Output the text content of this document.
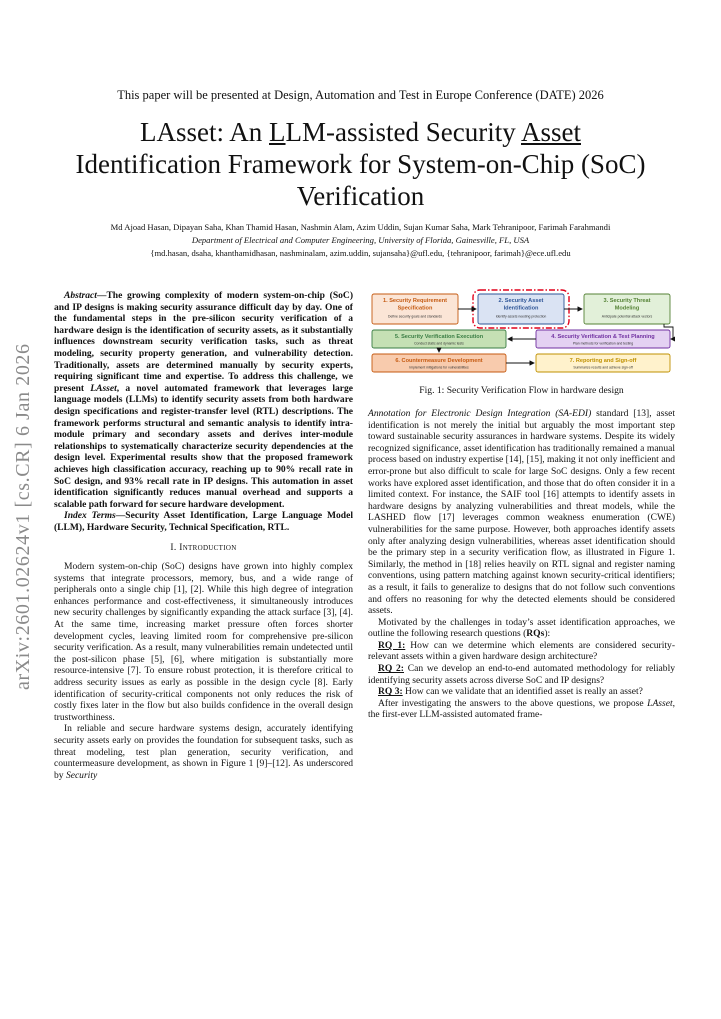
This paper will be presented at Design, Automation and Test in Europe Conference (DATE) 2026
LAsset: An LLM-assisted Security Asset
Identification Framework for System-on-Chip (SoC)
Verification
Md Ajoad Hasan, Dipayan Saha, Khan Thamid Hasan, Nashmin Alam, Azim Uddin, Sujan Kumar Saha, Mark Tehranipoor, Farimah Farahmandi
Department of Electrical and Computer Engineering, University of Florida, Gainesville, FL, USA
{md.hasan, dsaha, khanthamidhasan, nashminalam, azim.uddin, sujansaha}@ufl.edu, {tehranipoor, farimah}@ece.ufl.edu
arXiv:2601.02624v1 [cs.CR] 6 Jan 2026

Abstract—The growing complexity of modern system-on-chip (SoC) and IP designs is making security assurance difficult day by day. One of the fundamental steps in the pre-silicon security verification of a hardware design is the identification of security assets, as it substantially influences downstream security verification tasks, such as threat modeling, security property generation, and vulnerability detection. Traditionally, assets are determined manually by security experts, requiring significant time and expertise. To address this challenge, we present LAsset, a novel automated framework that leverages large language models (LLMs) to identify security assets from both hardware design specifications and register-transfer level (RTL) descriptions. The framework performs structural and semantic analysis to identify intra-module primary and secondary assets and derives inter-module relationships to systematically characterize security dependencies at the design level. Experimental results show that the proposed framework achieves high classification accuracy, reaching up to 90% recall rate in SoC design, and 93% recall rate in IP designs. This automation in asset identification significantly reduces manual overhead and supports a scalable path forward for secure hardware development.

Index Terms—Security Asset Identification, Large Language Model (LLM), Hardware Security, Technical Specification, RTL.

I. Introduction

Modern system-on-chip (SoC) designs have grown into highly complex systems that integrate processors, memory, bus, and a wide range of peripherals onto a single chip [1], [2]. While this high degree of integration enhances performance and cost-effectiveness, it simultaneously introduces new security challenges by significantly expanding the attack surface [3], [4]. At the same time, increasing market pressure often forces shorter development cycles, leaving limited room for comprehensive pre-silicon security verification. As a result, many vulnerabilities remain undetected until the post-silicon phase [5], [6], where mitigation is substantially more resource-intensive [7]. To ensure robust protection, it is therefore critical to address security issues as early as possible in the design cycle [8]. Early identification of security-critical components not only reduces the risk of costly fixes later in the flow but also builds confidence in the overall design trustworthiness.

In reliable and secure hardware systems design, accurately identifying security assets early on provides the foundation for subsequent tasks, such as threat modeling, test plan generation, security verification, and countermeasure development, as shown in Figure 1 [9]–[12]. As underscored by Security

1. Security Requirement
Specification
Define security goals and standards
2. Security Asset
Identification
Identify assets needing protection
3. Security Threat
Modeling
Anticipate potential attack vectors
5. Security Verification Execution
Conduct static and dynamic tests
4. Security Verification & Test Planning
Plan methods for verification and testing
6. Countermeasure Development
Implement mitigations for vulnerabilities
7. Reporting and Sign-off
Summarize results and achieve sign-off
Fig. 1: Security Verification Flow in hardware design

Annotation for Electronic Design Integration (SA-EDI) standard [13], asset identification is not merely the initial but arguably the most important step toward sustainable security assurances in hardware systems. Despite its widely recognized significance, asset identification has traditionally remained a manual process based on industry expertise [14], [15], making it not only inefficient and error-prone but also difficult to scale for large SoC designs. Only a few recent works have explored asset identification, and those that do often consider it in a limited context. For instance, the SAIF tool [16] attempts to identify assets in hardware designs by analyzing vulnerabilities and threat models, while the LASHED flow [17] leverages common weakness enumeration (CWE) vulnerabilities for the same purpose. However, both approaches identify assets only after analyzing design vulnerabilities, whereas asset identification should be the primary step in a security verification flow, as illustrated in Figure 1. Similarly, the method in [18] relies heavily on RTL signal and register naming conventions, using pattern matching against known security-critical identifiers; as a result, it fails to generalize to designs that do not follow such conventions and offers no reasoning for why the detected elements should be considered assets.

Motivated by the challenges in today’s asset identification approaches, we outline the following research questions (RQs):

RQ 1: How can we determine which elements are considered security-relevant assets within a given hardware design architecture?

RQ 2: Can we develop an end-to-end automated methodology for reliably identifying security assets across diverse SoC and IP designs?

RQ 3: How can we validate that an identified asset is really an asset?

After investigating the answers to the above questions, we propose LAsset, the first-ever LLM-assisted automated frame-
